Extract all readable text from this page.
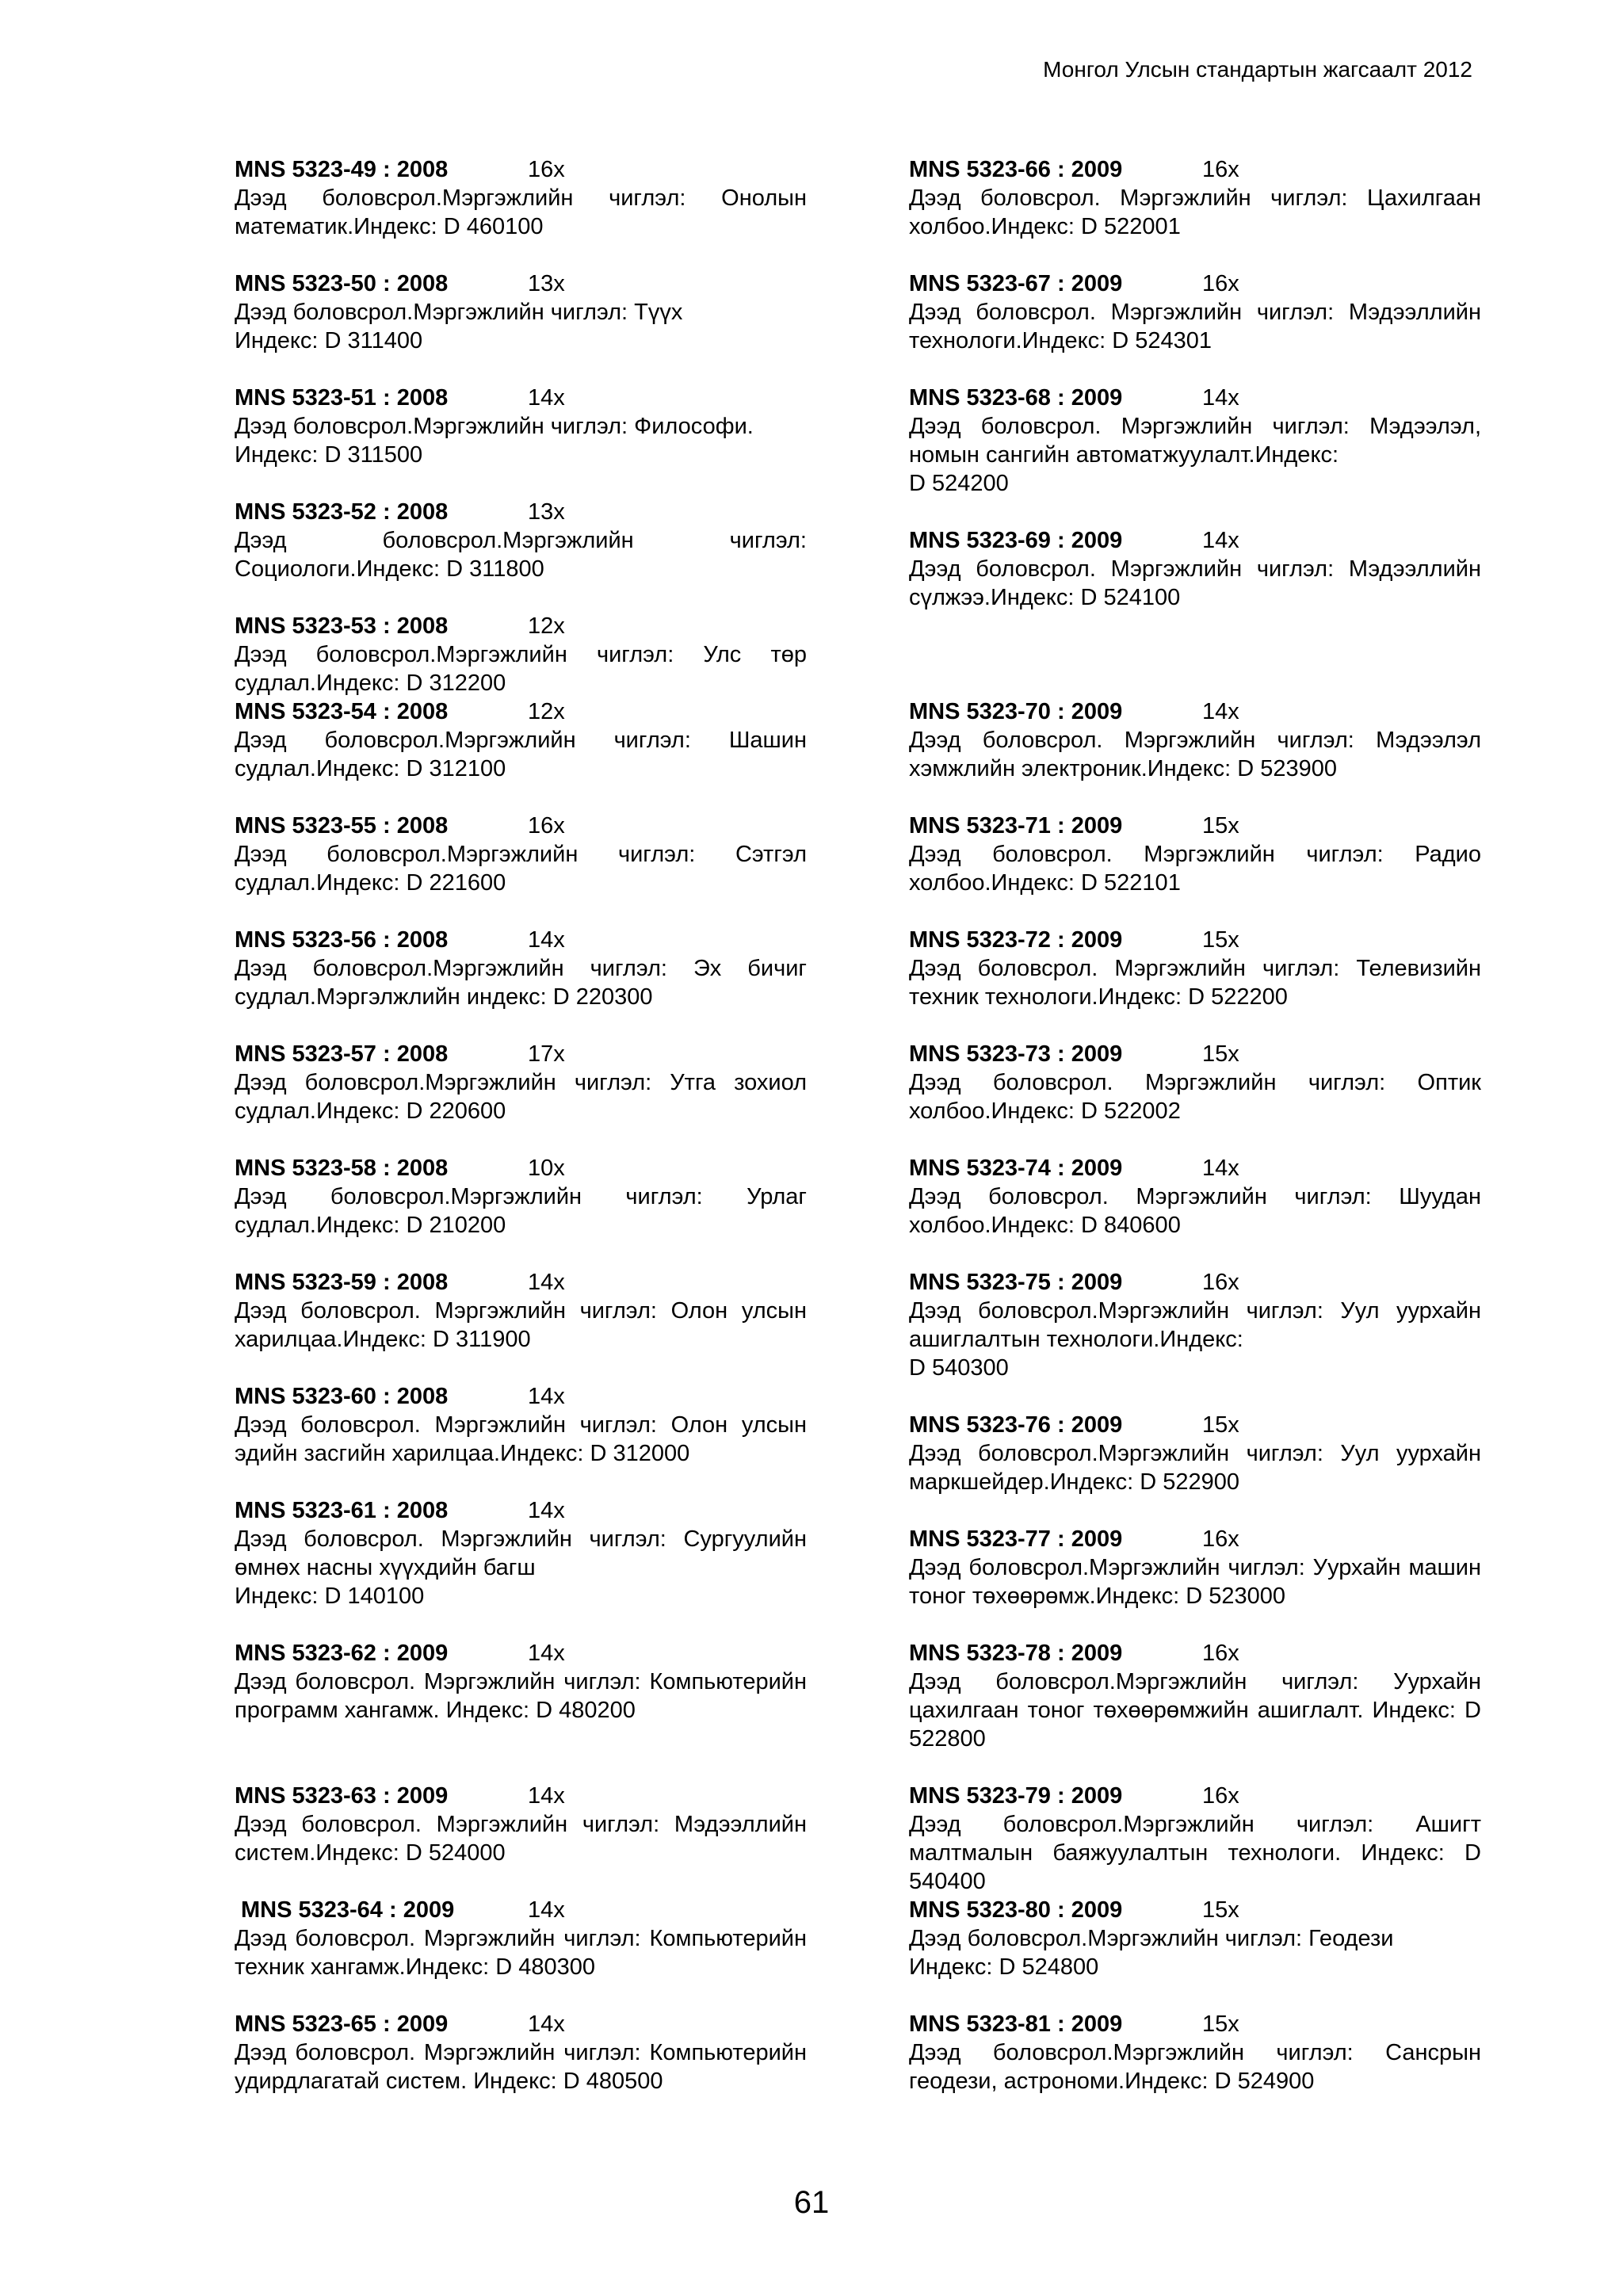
Монгол Улсын стандартын жагсаалт 2012
MNS 5323-49 : 2008	16х
Дээд боловсрол.Мэргэжлийн чиглэл: Онолын математик.Индекс: D 460100
MNS 5323-50 : 2008	13х
Дээд боловсрол.Мэргэжлийн чиглэл: Түүх
Индекс: D 311400
MNS 5323-51 : 2008	14х
Дээд боловсрол.Мэргэжлийн чиглэл: Философи.
Индекс: D 311500
MNS 5323-52 : 2008	13х
Дээд боловсрол.Мэргэжлийн чиглэл: Социологи.Индекс: D 311800
MNS 5323-53 : 2008	12х
Дээд боловсрол.Мэргэжлийн чиглэл: Улс төр судлал.Индекс: D 312200
MNS 5323-54 : 2008	12х
Дээд боловсрол.Мэргэжлийн чиглэл: Шашин судлал.Индекс: D 312100
MNS 5323-55 : 2008	16х
Дээд боловсрол.Мэргэжлийн чиглэл: Сэтгэл судлал.Индекс: D 221600
MNS 5323-56 : 2008	14х
Дээд боловсрол.Мэргэжлийн чиглэл: Эх бичиг судлал.Мэргэлжлийн индекс: D 220300
MNS 5323-57 : 2008	17х
Дээд боловсрол.Мэргэжлийн чиглэл: Утга зохиол судлал.Индекс: D 220600
MNS 5323-58 : 2008	10х
Дээд боловсрол.Мэргэжлийн чиглэл: Урлаг судлал.Индекс: D 210200
MNS 5323-59 : 2008	14х
Дээд боловсрол. Мэргэжлийн чиглэл: Олон улсын харилцаа.Индекс: D 311900
MNS 5323-60 : 2008	14х
Дээд боловсрол. Мэргэжлийн чиглэл: Олон улсын эдийн засгийн харилцаа.Индекс: D 312000
MNS 5323-61 : 2008	14х
Дээд боловсрол. Мэргэжлийн чиглэл: Сургуулийн өмнөх насны хүүхдийн багш
Индекс: D 140100
MNS 5323-62 : 2009	14х
Дээд боловсрол. Мэргэжлийн чиглэл: Компьютерийн программ хангамж. Индекс: D 480200
MNS 5323-63 : 2009	14х
Дээд боловсрол. Мэргэжлийн чиглэл: Мэдээллийн систем.Индекс: D 524000
MNS 5323-64 : 2009	14х
Дээд боловсрол. Мэргэжлийн чиглэл: Компьютерийн техник хангамж.Индекс: D 480300
MNS 5323-65 : 2009	14х
Дээд боловсрол. Мэргэжлийн чиглэл: Компьютерийн удирдлагатай систем. Индекс: D 480500
MNS 5323-66 : 2009	16х
Дээд боловсрол. Мэргэжлийн чиглэл: Цахилгаан холбоо.Индекс: D 522001
MNS 5323-67 : 2009	16х
Дээд боловсрол. Мэргэжлийн чиглэл: Мэдээллийн технологи.Индекс: D 524301
MNS 5323-68 : 2009	14х
Дээд боловсрол. Мэргэжлийн чиглэл: Мэдээлэл, номын сангийн автоматжуулалт.Индекс:
D 524200
MNS 5323-69 : 2009	14х
Дээд боловсрол. Мэргэжлийн чиглэл: Мэдээллийн сүлжээ.Индекс: D 524100
MNS 5323-70 : 2009	14х
Дээд боловсрол. Мэргэжлийн чиглэл: Мэдээлэл хэмжлийн электроник.Индекс: D 523900
MNS 5323-71 : 2009	15х
Дээд боловсрол. Мэргэжлийн чиглэл: Радио холбоо.Индекс: D 522101
MNS 5323-72 : 2009	15х
Дээд боловсрол. Мэргэжлийн чиглэл: Телевизийн техник технологи.Индекс: D 522200
MNS 5323-73 : 2009	15х
Дээд боловсрол. Мэргэжлийн чиглэл: Оптик холбоо.Индекс: D 522002
MNS 5323-74 : 2009	14х
Дээд боловсрол. Мэргэжлийн чиглэл: Шуудан холбоо.Индекс: D 840600
MNS 5323-75 : 2009	16х
Дээд боловсрол.Мэргэжлийн чиглэл: Уул уурхайн ашиглалтын технологи.Индекс:
D 540300
MNS 5323-76 : 2009	15х
Дээд боловсрол.Мэргэжлийн чиглэл: Уул уурхайн маркшейдер.Индекс: D 522900
MNS 5323-77 : 2009	16х
Дээд боловсрол.Мэргэжлийн чиглэл: Уурхайн машин тоног төхөөрөмж.Индекс: D 523000
MNS 5323-78 : 2009	16х
Дээд боловсрол.Мэргэжлийн чиглэл: Уурхайн цахилгаан тоног төхөөрөмжийн ашиглалт. Индекс: D 522800
MNS 5323-79 : 2009	16х
Дээд боловсрол.Мэргэжлийн чиглэл: Ашигт малтмалын баяжуулалтын технологи. Индекс: D 540400
MNS 5323-80 : 2009	15х
Дээд боловсрол.Мэргэжлийн чиглэл: Геодези
Индекс: D 524800
MNS 5323-81 : 2009	15х
Дээд боловсрол.Мэргэжлийн чиглэл: Сансрын геодези, астрономи.Индекс: D 524900
61
